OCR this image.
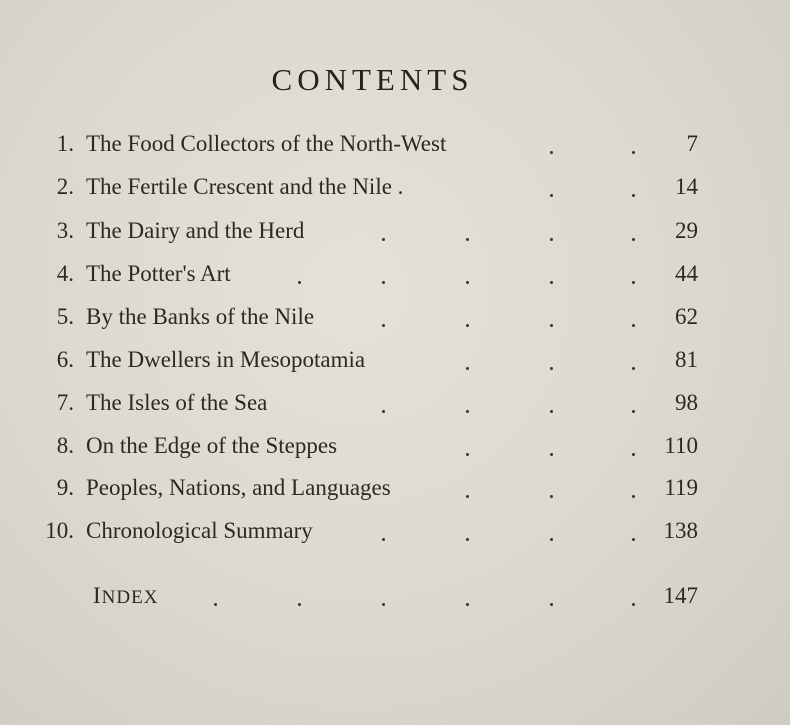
CONTENTS
1. The Food Collectors of the North-West	7
2. The Fertile Crescent and the Nile .	14
3. The Dairy and the Herd	29
4. The Potter's Art	44
5. By the Banks of the Nile	62
6. The Dwellers in Mesopotamia	81
7. The Isles of the Sea	98
8. On the Edge of the Steppes	110
9. Peoples, Nations, and Languages	119
10. Chronological Summary	138
INDEX	147
